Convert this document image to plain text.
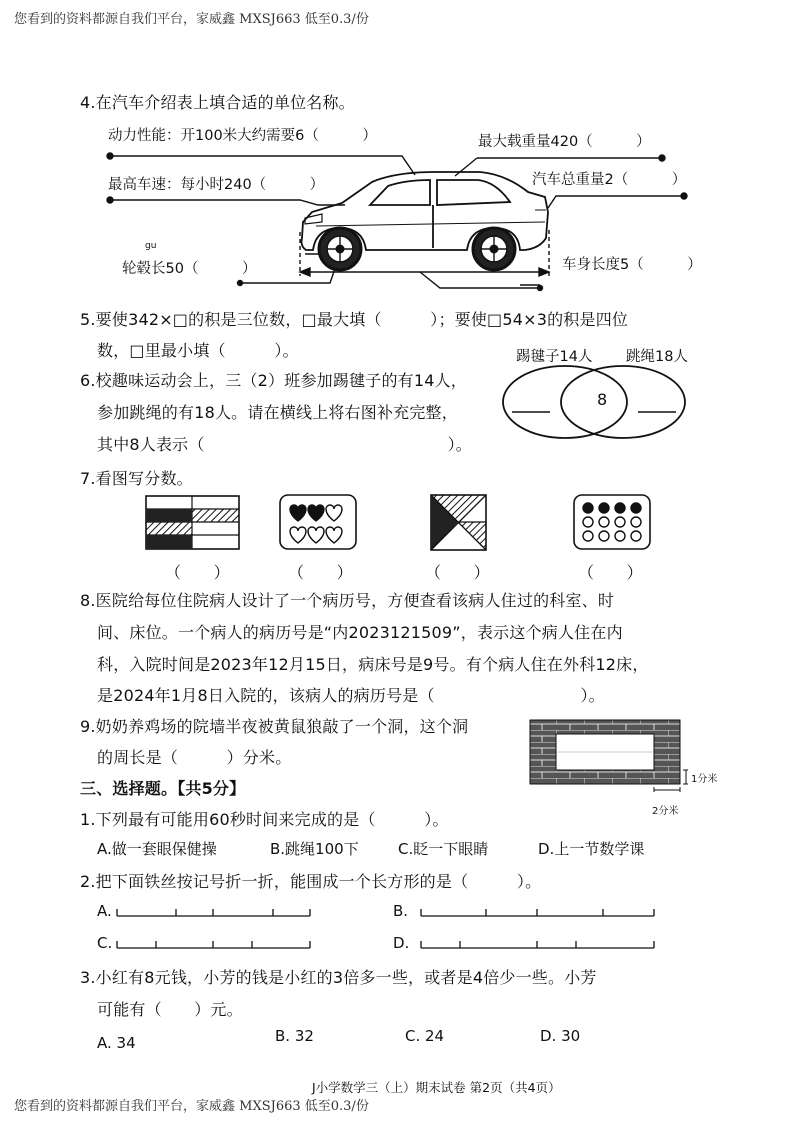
您看到的资料都源自我们平台，家威鑫 MXSJ663 低至0.3/份
您看到的资料都源自我们平台，家威鑫 MXSJ663 低至0.3/份
4.在汽车介绍表上填合适的单位名称。
动力性能：开100米大约需要6（　　　）	最大载重量420（　　　）
最高车速：每小时240（　　　）	汽车总重量2（　　　）
gu
轮毂长50（　　　）	车身长度5（　　　）
5.要使342×□的积是三位数，□最大填（　　　）；要使□54×3的积是四位
数，□里最小填（　　　）。
6.校趣味运动会上，三（2）班参加踢毽子的有14人，
参加跳绳的有18人。请在横线上将右图补充完整，
其中8人表示（　　　　　　　　　　　　　　　）。
踢毽子14人 跳绳18人
8
7.看图写分数。
（　　）	（　　）	（　　）	（　　）
8.医院给每位住院病人设计了一个病历号，方便查看该病人住过的科室、时
间、床位。一个病人的病历号是“内2023121509”，表示这个病人住在内
科，入院时间是2023年12月15日，病床号是9号。有个病人住在外科12床，
是2024年1月8日入院的，该病人的病历号是（　　　　　　　　　）。
9.奶奶养鸡场的院墙半夜被黄鼠狼敲了一个洞，这个洞
的周长是（　　　）分米。
1分米
2分米
三、选择题。【共5分】
1.下列最有可能用60秒时间来完成的是（　　　）。
A.做一套眼保健操	B.跳绳100下	C.眨一下眼睛	D.上一节数学课
2.把下面铁丝按记号折一折，能围成一个长方形的是（　　　）。
A.	B.
C.	D.
3.小红有8元钱，小芳的钱是小红的3倍多一些，或者是4倍少一些。小芳
可能有（　　）元。
A. 34	B. 32	C. 24	D. 30
J小学数学三（上）期末试卷 第2页（共4页）
